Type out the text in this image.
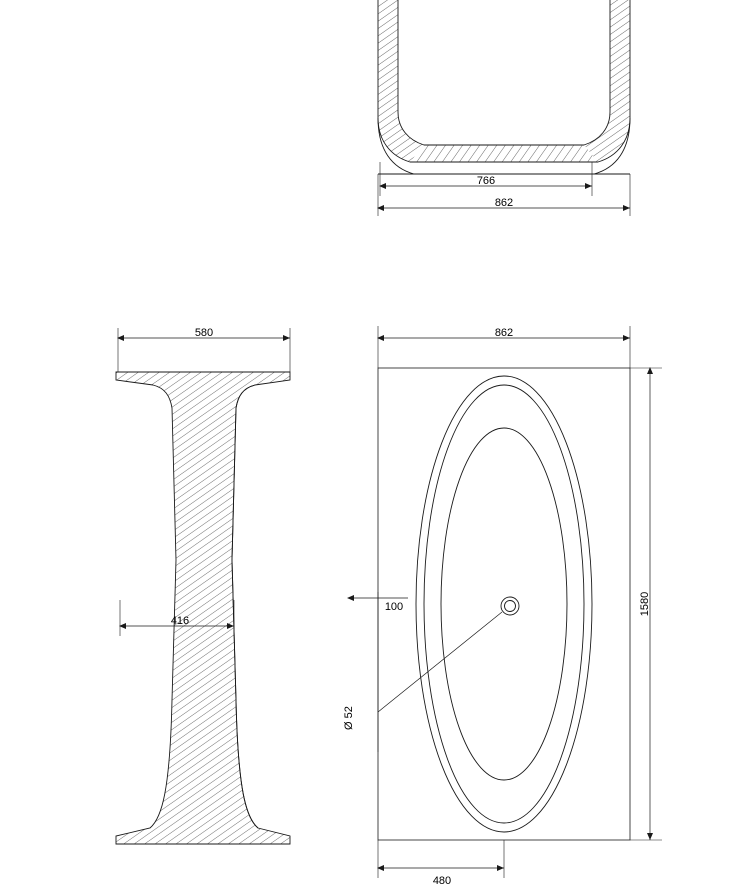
766
862
580
416
Ø 52
100
862
1580
480
